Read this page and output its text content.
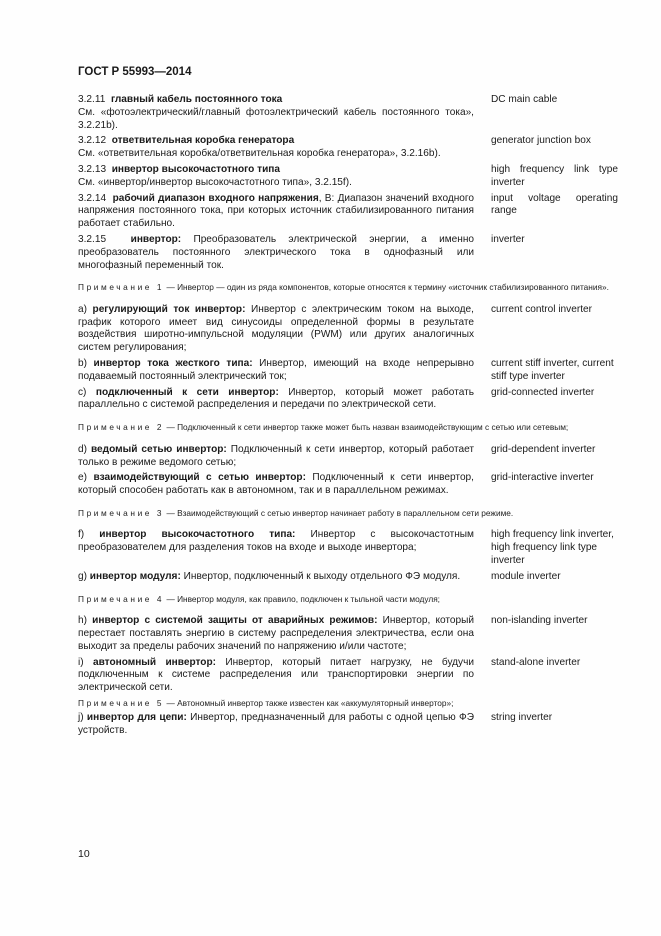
ГОСТ Р 55993—2014
3.2.11 главный кабель постоянного тока
См. «фотоэлектрический/главный фотоэлектрический кабель постоянного тока», 3.2.21b).
DC main cable
3.2.12 ответвительная коробка генератора
См. «ответвительная коробка/ответвительная коробка генератора», 3.2.16b).
generator junction box
3.2.13 инвертор высокочастотного типа
См. «инвертор/инвертор высокочастотного типа», 3.2.15f).
high frequency link type inverter
3.2.14 рабочий диапазон входного напряжения, В: Диапазон значений входного напряжения постоянного тока, при которых источник стабилизированного питания работает стабильно.
input voltage operating range
3.2.15 инвертор: Преобразователь электрической энергии, а именно преобразователь постоянного электрического тока в однофазный или многофазный переменный ток.
inverter
Примечание 1 — Инвертор — один из ряда компонентов, которые относятся к термину «источник стабилизированного питания».
a) регулирующий ток инвертор: Инвертор с электрическим током на выходе, график которого имеет вид синусоиды определенной формы в результате воздействия широтно-импульсной модуляции (PWM) или других аналогичных систем регулирования;
current control inverter
b) инвертор тока жесткого типа: Инвертор, имеющий на входе непрерывно подаваемый постоянный электрический ток;
current stiff inverter, current stiff type inverter
c) подключенный к сети инвертор: Инвертор, который может работать параллельно с системой распределения и передачи по электрической сети.
grid-connected inverter
Примечание 2 — Подключенный к сети инвертор также может быть назван взаимодействующим с сетью или сетевым;
d) ведомый сетью инвертор: Подключенный к сети инвертор, который работает только в режиме ведомого сетью;
grid-dependent inverter
e) взаимодействующий с сетью инвертор: Подключенный к сети инвертор, который способен работать как в автономном, так и в параллельном режимах.
grid-interactive inverter
Примечание 3 — Взаимодействующий с сетью инвертор начинает работу в параллельном сети режиме.
f) инвертор высокочастотного типа: Инвертор с высокочастотным преобразователем для разделения токов на входе и выходе инвертора;
high frequency link inverter, high frequency link type inverter
g) инвертор модуля: Инвертор, подключенный к выходу отдельного ФЭ модуля.	module inverter
Примечание 4 — Инвертор модуля, как правило, подключен к тыльной части модуля;
h) инвертор с системой защиты от аварийных режимов: Инвертор, который перестает поставлять энергию в систему распределения электричества, если она выходит за пределы рабочих значений по напряжению и/или частоте;
non-islanding inverter
i) автономный инвертор: Инвертор, который питает нагрузку, не будучи подключенным к системе распределения или транспортировки энергии по электрической сети.
stand-alone inverter
Примечание 5 — Автономный инвертор также известен как «аккумуляторный инвертор»;
j) инвертор для цепи: Инвертор, предназначенный для работы с одной цепью ФЭ устройств.
string inverter
10
